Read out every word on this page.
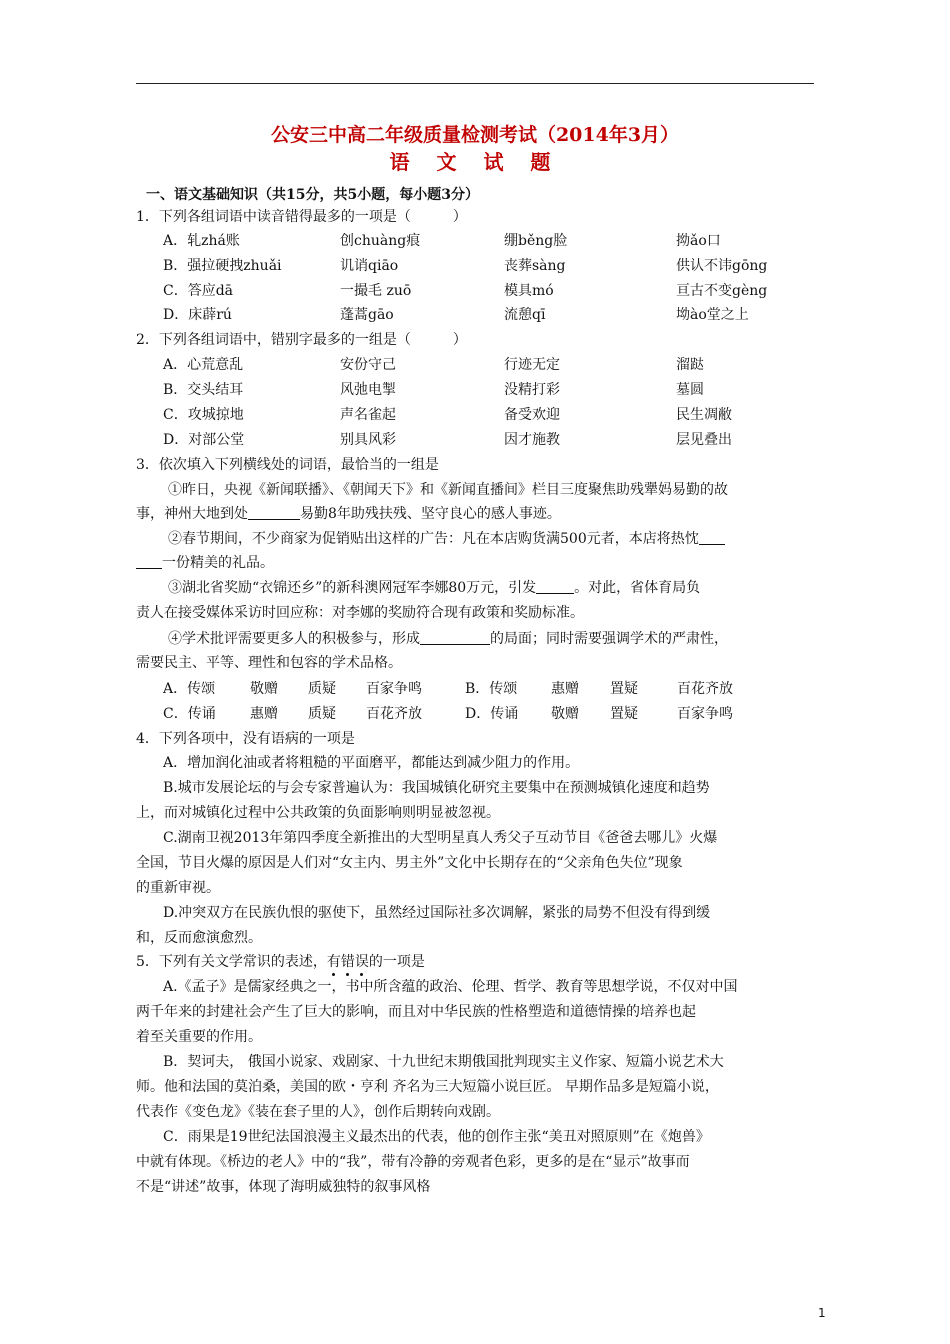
公安三中高二年级质量检测考试（2014年3月）
语 文 试 题
一、语文基础知识（共15分，共5小题，每小题3分）
1．下列各组词语中读音错得最多的一项是（　　　）
A．轧zhá账	创chuàng痕	绷běng脸	拗ǎo口
B．强拉硬拽zhuǎi	讥诮qiāo	丧葬sàng	供认不讳gōng
C．答应dā	一撮毛 zuō	模具mó	亘古不变gèng
D．床薜rú	蓬蒿gāo	流憩qī	坳ào堂之上
2．下列各组词语中，错别字最多的一组是（　　　）
A．心荒意乱	安份守己	行迹无定	溜跶
B．交头结耳	风弛电掣	没精打彩	墓圆
C．攻城掠地	声名雀起	备受欢迎	民生凋敝
D．对部公堂	别具风彩	因才施教	层见叠出
3．依次填入下列横线处的词语，最恰当的一组是
①昨日，央视《新闻联播》、《朝闻天下》和《新闻直播间》栏目三度聚焦助残犟妈易勤的故
事，神州大地到处	易勤8年助残扶残、坚守良心的感人事迹。
②春节期间，不少商家为促销贴出这样的广告：凡在本店购货满500元者，本店将热忱
一份精美的礼品。
③湖北省奖励“衣锦还乡”的新科澳网冠军李娜80万元，引发	。对此，省体育局负
责人在接受媒体采访时回应称：对李娜的奖励符合现有政策和奖励标准。
④学术批评需要更多人的积极参与，形成	的局面；同时需要强调学术的严肃性，
需要民主、平等、理性和包容的学术品格。
A．传颂 敬赠 质疑 百家争鸣	B．传颂 惠赠 置疑	百花齐放
C．传诵 惠赠 质疑 百花齐放	D．传诵 敬赠 置疑	百家争鸣
4．下列各项中，没有语病的一项是
A．增加润化油或者将粗糙的平面磨平，都能达到减少阻力的作用。
B.城市发展论坛的与会专家普遍认为：我国城镇化研究主要集中在预测城镇化速度和趋势
上，而对城镇化过程中公共政策的负面影响则明显被忽视。
C.湖南卫视2013年第四季度全新推出的大型明星真人秀父子互动节目《爸爸去哪儿》火爆
全国，节目火爆的原因是人们对“女主内、男主外”文化中长期存在的“父亲角色失位”现象
的重新审视。
D.冲突双方在民族仇恨的驱使下，虽然经过国际社多次调解，紧张的局势不但没有得到缓
和，反而愈演愈烈。
5．下列有关文学常识的表述，有错误的一项是
A.《孟子》是儒家经典之一，书中所含蕴的政治、伦理、哲学、教育等思想学说，不仅对中国
两千年来的封建社会产生了巨大的影响，而且对中华民族的性格塑造和道德情操的培养也起
着至关重要的作用。
B．契诃夫， 俄国小说家、戏剧家、十九世纪末期俄国批判现实主义作家、短篇小说艺术大
师。他和法国的莫泊桑，美国的欧・亨利 齐名为三大短篇小说巨匠。 早期作品多是短篇小说，
代表作《变色龙》《装在套子里的人》，创作后期转向戏剧。
C．雨果是19世纪法国浪漫主义最杰出的代表，他的创作主张“美丑对照原则”在《炮兽》
中就有体现。《桥边的老人》中的“我”，带有冷静的旁观者色彩，更多的是在“显示”故事而
不是“讲述”故事，体现了海明威独特的叙事风格
1
